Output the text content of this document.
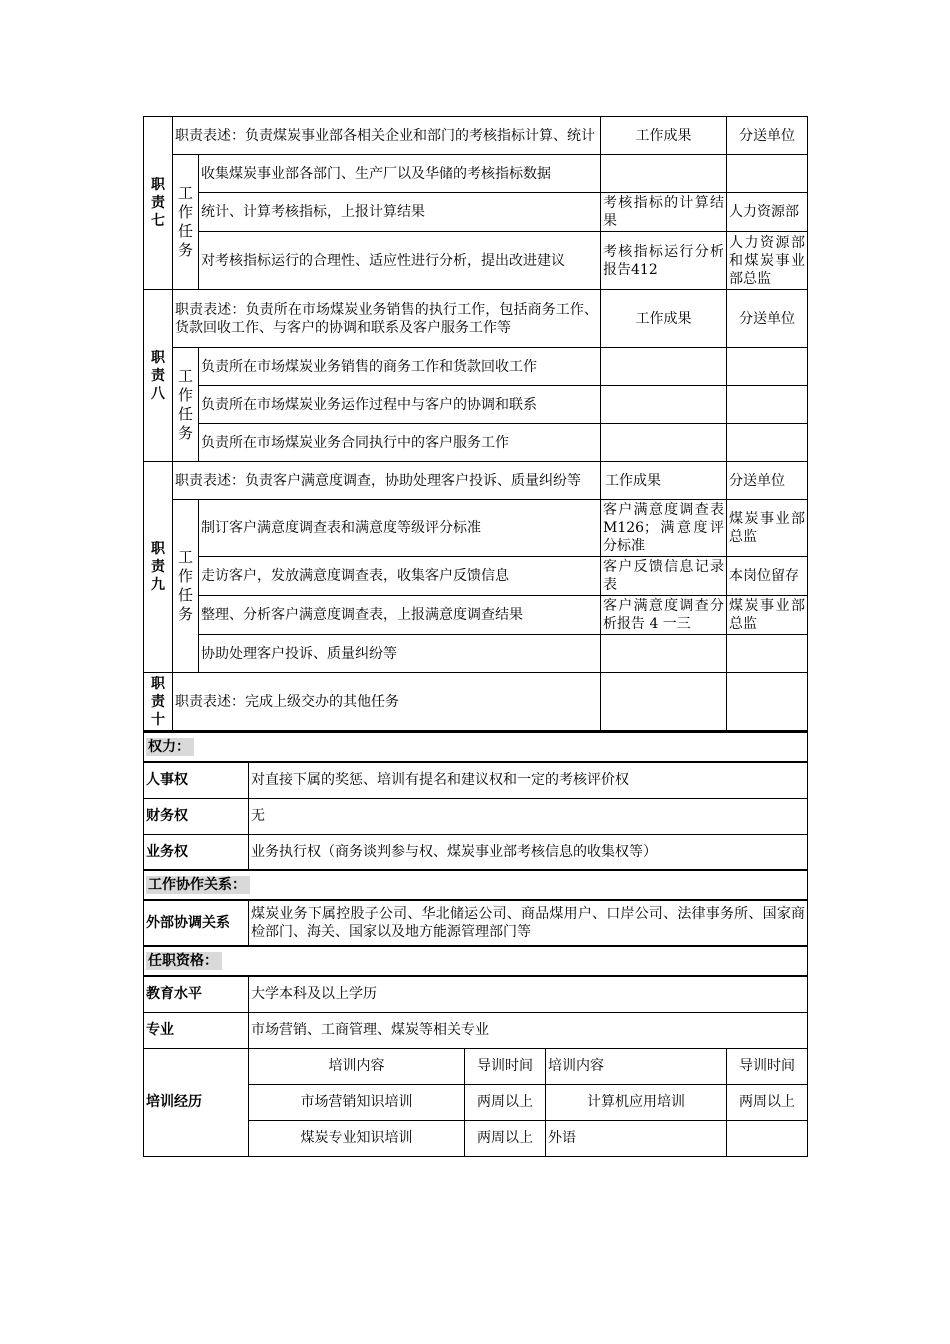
职
责
七	职责表述：负责煤炭事业部各相关企业和部门的考核指标计算、统计		工作成果	分送单位

	工
作
任
务	收集煤炭事业部各部门、生产厂以及华储的考核指标数据		
		统计、计算考核指标，上报计算结果	考核指标的计算结果	人力资源部
		对考核指标运行的合理性、适应性进行分析，提出改进建议	考核指标运行分析报告412	人力资源部和煤炭事业部总监

职
责
八	职责表述：负责所在市场煤炭业务销售的执行工作，包括商务工作、货款回收工作、与客户的协调和联系及客户服务工作等		工作成果	分送单位

	工
作
任
务	负责所在市场煤炭业务销售的商务工作和货款回收工作		
		负责所在市场煤炭业务运作过程中与客户的协调和联系		
		负责所在市场煤炭业务合同执行中的客户服务工作		

职
责
九	职责表述：负责客户满意度调查，协助处理客户投诉、质量纠纷等		工作成果	分送单位

	工
作
任
务	制订客户满意度调查表和满意度等级评分标准	客户满意度调查表 M126；满意度评分标准	煤炭事业部总监
		走访客户，发放满意度调查表，收集客户反馈信息	客户反馈信息记录表	本岗位留存
		整理、分析客户满意度调查表，上报满意度调查结果	客户满意度调查分析报告 4 一三	煤炭事业部总监
		协助处理客户投诉、质量纠纷等		

职
责
十	职责表述：完成上级交办的其他任务			
权力：				
人事权	对直接下属的奖惩、培训有提名和建议权和一定的考核评价权			
财务权	无			
业务权	业务执行权（商务谈判参与权、煤炭事业部考核信息的收集权等）			
工作协作关系：				
外部协调关系	煤炭业务下属控股子公司、华北储运公司、商品煤用户、口岸公司、法律事务所、国家商检部门、海关、国家以及地方能源管理部门等			
任职资格：				
教育水平	大学本科及以上学历			
专业	市场营销、工商管理、煤炭等相关专业			
培训经历	培训内容	导训时间	培训内容	导训时间
	市场营销知识培训	两周以上	计算机应用培训	两周以上
	煤炭专业知识培训	两周以上	外语	
